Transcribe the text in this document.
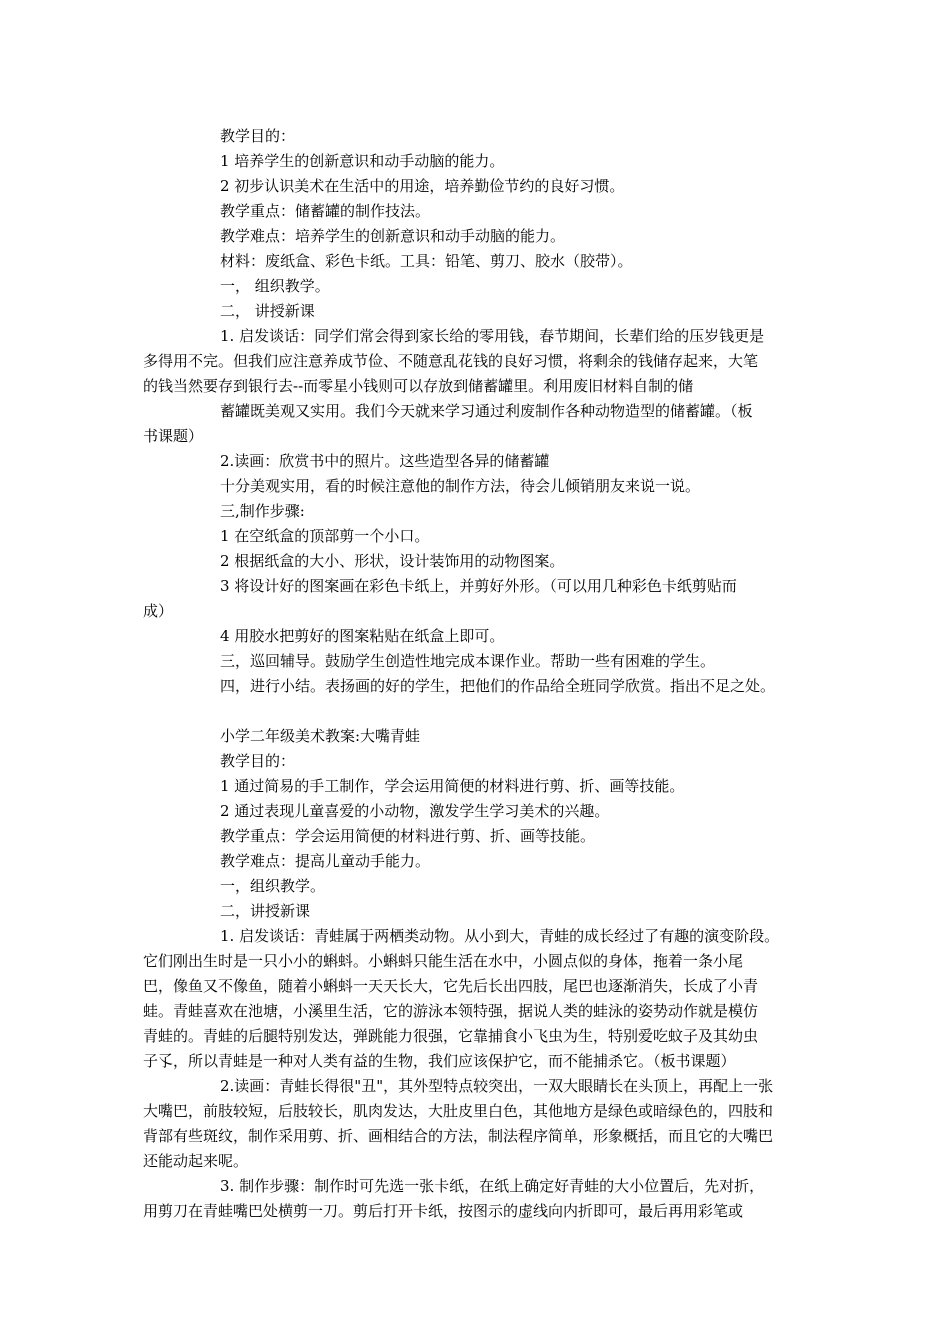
教学目的：
1 培养学生的创新意识和动手动脑的能力。
2 初步认识美术在生活中的用途，培养勤俭节约的良好习惯。
教学重点：储蓄罐的制作技法。
教学难点：培养学生的创新意识和动手动脑的能力。
材料：废纸盒、彩色卡纸。工具：铅笔、剪刀、胶水（胶带）。
一， 组织教学。
二， 讲授新课
1. 启发谈话：同学们常会得到家长给的零用钱，春节期间，长辈们给的压岁钱更是
多得用不完。但我们应注意养成节俭、不随意乱花钱的良好习惯，将剩余的钱储存起来，大笔
的钱当然要存到银行去--而零星小钱则可以存放到储蓄罐里。利用废旧材料自制的储
蓄罐既美观又实用。我们今天就来学习通过利废制作各种动物造型的储蓄罐。（板
书课题）
2.读画：欣赏书中的照片。这些造型各异的储蓄罐
十分美观实用，看的时候注意他的制作方法，待会儿倾销朋友来说一说。
三,制作步骤:
1 在空纸盒的顶部剪一个小口。
2 根据纸盒的大小、形状，设计装饰用的动物图案。
3 将设计好的图案画在彩色卡纸上，并剪好外形。（可以用几种彩色卡纸剪贴而
成）
4 用胶水把剪好的图案粘贴在纸盒上即可。
三，巡回辅导。鼓励学生创造性地完成本课作业。帮助一些有困难的学生。
四，进行小结。表扬画的好的学生，把他们的作品给全班同学欣赏。指出不足之处。
小学二年级美术教案:大嘴青蛙
教学目的：
1 通过简易的手工制作，学会运用简便的材料进行剪、折、画等技能。
2 通过表现儿童喜爱的小动物，激发学生学习美术的兴趣。
教学重点：学会运用简便的材料进行剪、折、画等技能。
教学难点：提高儿童动手能力。
一，组织教学。
二，讲授新课
1. 启发谈话：青蛙属于两栖类动物。从小到大，青蛙的成长经过了有趣的演变阶段。
它们刚出生时是一只小小的蝌蚪。小蝌蚪只能生活在水中，小圆点似的身体，拖着一条小尾
巴，像鱼又不像鱼，随着小蝌蚪一天天长大，它先后长出四肢，尾巴也逐渐消失，长成了小青
蛙。青蛙喜欢在池塘，小溪里生活，它的游泳本领特强，据说人类的蛙泳的姿势动作就是模仿
青蛙的。青蛙的后腿特别发达，弹跳能力很强，它靠捕食小飞虫为生，特别爱吃蚊子及其幼虫
子孓，所以青蛙是一种对人类有益的生物，我们应该保护它，而不能捕杀它。（板书课题）
2.读画：青蛙长得很"丑"，其外型特点较突出，一双大眼睛长在头顶上，再配上一张
大嘴巴，前肢较短，后肢较长，肌肉发达，大肚皮里白色，其他地方是绿色或暗绿色的，四肢和
背部有些斑纹，制作采用剪、折、画相结合的方法，制法程序简单，形象概括，而且它的大嘴巴
还能动起来呢。
3. 制作步骤：制作时可先选一张卡纸，在纸上确定好青蛙的大小位置后，先对折，
用剪刀在青蛙嘴巴处横剪一刀。剪后打开卡纸，按图示的虚线向内折即可，最后再用彩笔或
